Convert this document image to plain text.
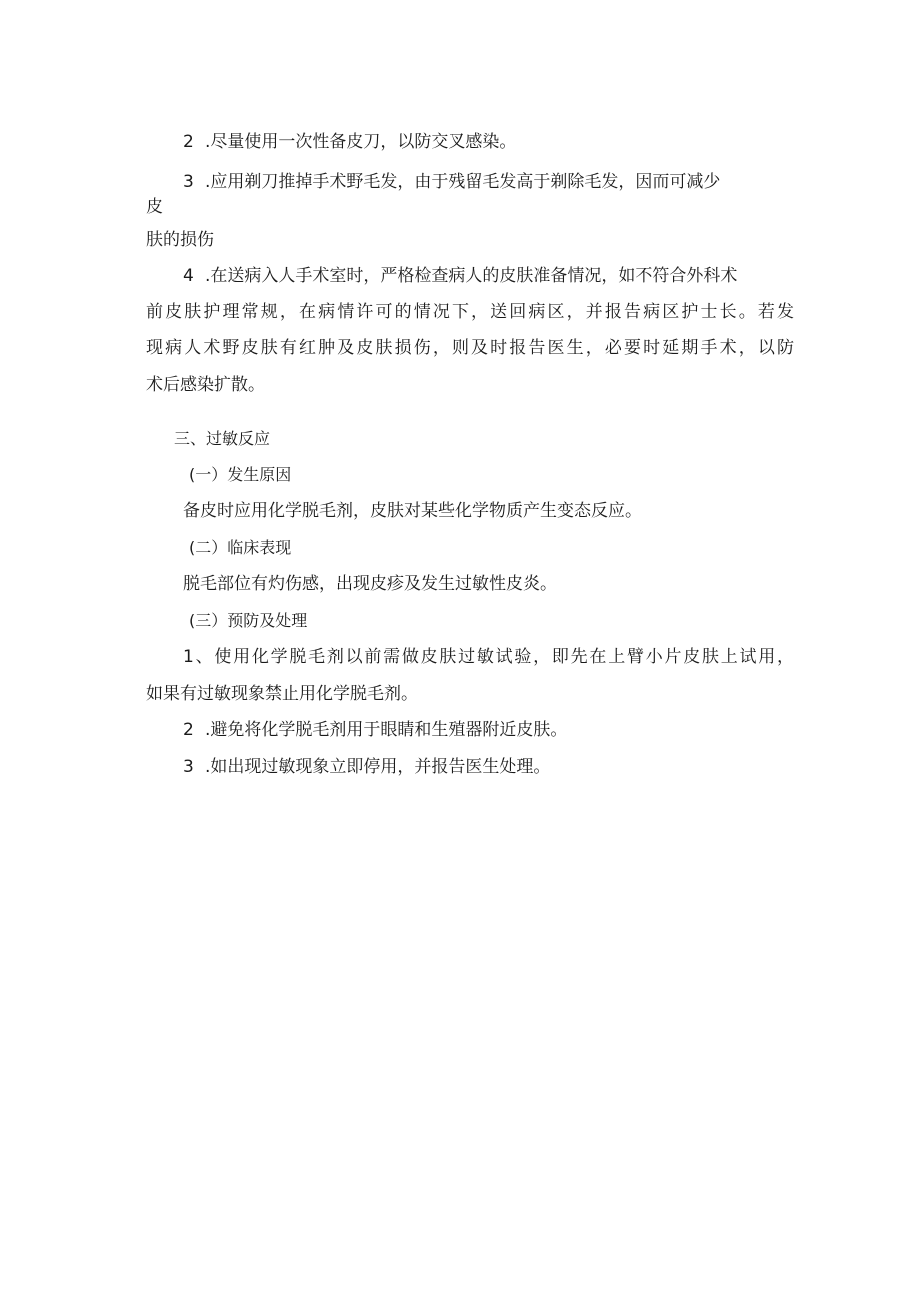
2 .尽量使用一次性备皮刀，以防交叉感染。
3 .应用剃刀推掉手术野毛发，由于残留毛发高于剃除毛发，因而可减少
皮
肤的损伤
4 .在送病入人手术室时，严格检查病人的皮肤准备情况，如不符合外科术
前皮肤护理常规，在病情许可的情况下，送回病区，并报告病区护士长。若发
现病人术野皮肤有红肿及皮肤损伤，则及时报告医生，必要时延期手术，以防
术后感染扩散。
三、过敏反应
(一）发生原因
备皮时应用化学脱毛剂，皮肤对某些化学物质产生变态反应。
(二）临床表现
脱毛部位有灼伤感，出现皮疹及发生过敏性皮炎。
(三）预防及处理
1、使用化学脱毛剂以前需做皮肤过敏试验，即先在上臂小片皮肤上试用，
如果有过敏现象禁止用化学脱毛剂。
2 .避免将化学脱毛剂用于眼睛和生殖器附近皮肤。
3 .如出现过敏现象立即停用，并报告医生处理。
